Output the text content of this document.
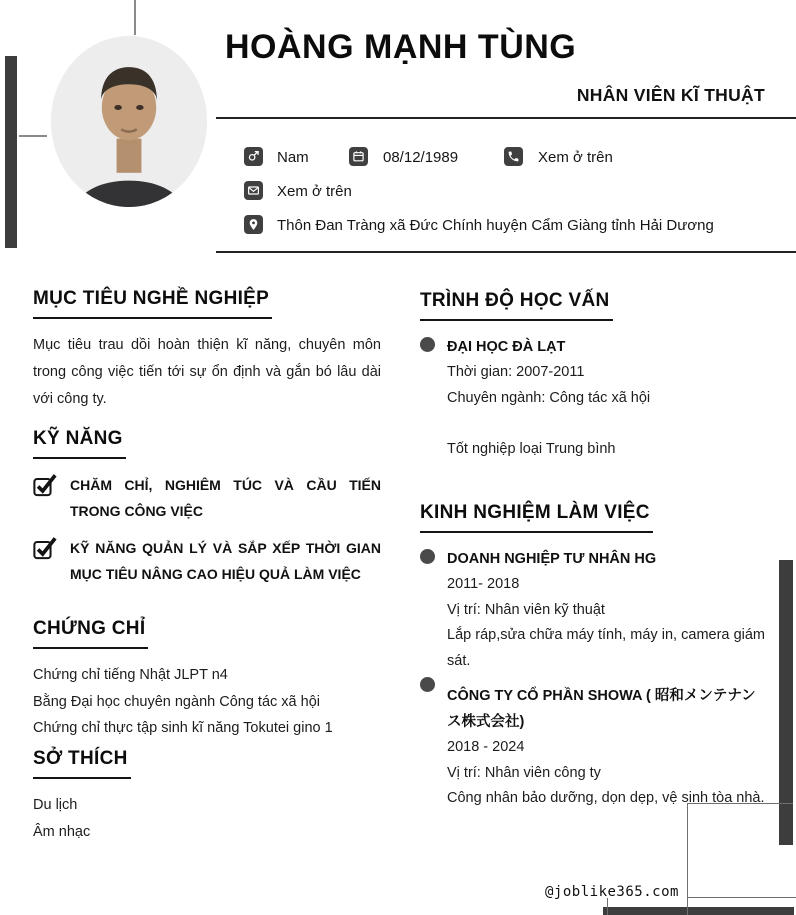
HOÀNG MẠNH TÙNG
NHÂN VIÊN KĨ THUẬT
Nam	08/12/1989	Xem ở trên
Xem ở trên
Thôn Đan Tràng xã Đức Chính huyện Cẩm Giàng tỉnh Hải Dương
MỤC TIÊU NGHỀ NGHIỆP

Mục tiêu trau dồi hoàn thiện kĩ năng, chuyên môn trong công việc tiến tới sự ổn định và gắn bó lâu dài với công ty.

KỸ NĂNG
CHĂM CHỈ, NGHIÊM TÚC VÀ CẦU TIẾN TRONG CÔNG VIỆC
KỸ NĂNG QUẢN LÝ VÀ SẮP XẾP THỜI GIAN MỤC TIÊU NÂNG CAO HIỆU QUẢ LÀM VIỆC
CHỨNG CHỈ
Chứng chỉ tiếng Nhật JLPT n4
Bằng Đại học chuyên ngành Công tác xã hội
Chứng chỉ thực tập sinh kĩ năng Tokutei gino 1
SỞ THÍCH
Du lịch
Âm nhạc
TRÌNH ĐỘ HỌC VẤN
ĐẠI HỌC ĐÀ LẠT
Thời gian: 2007-2011
Chuyên ngành: Công tác xã hội
Tốt nghiệp loại Trung bình
KINH NGHIỆM LÀM VIỆC
DOANH NGHIỆP TƯ NHÂN HG
2011- 2018
Vị trí: Nhân viên kỹ thuật
Lắp ráp,sửa chữa máy tính, máy in, camera giám sát.
CÔNG TY CỔ PHẦN SHOWA ( 昭和メンテナンス株式会社)
2018 - 2024
Vị trí: Nhân viên công ty
Công nhân bảo dưỡng, dọn dẹp, vệ sinh tòa nhà.
@joblike365.com
